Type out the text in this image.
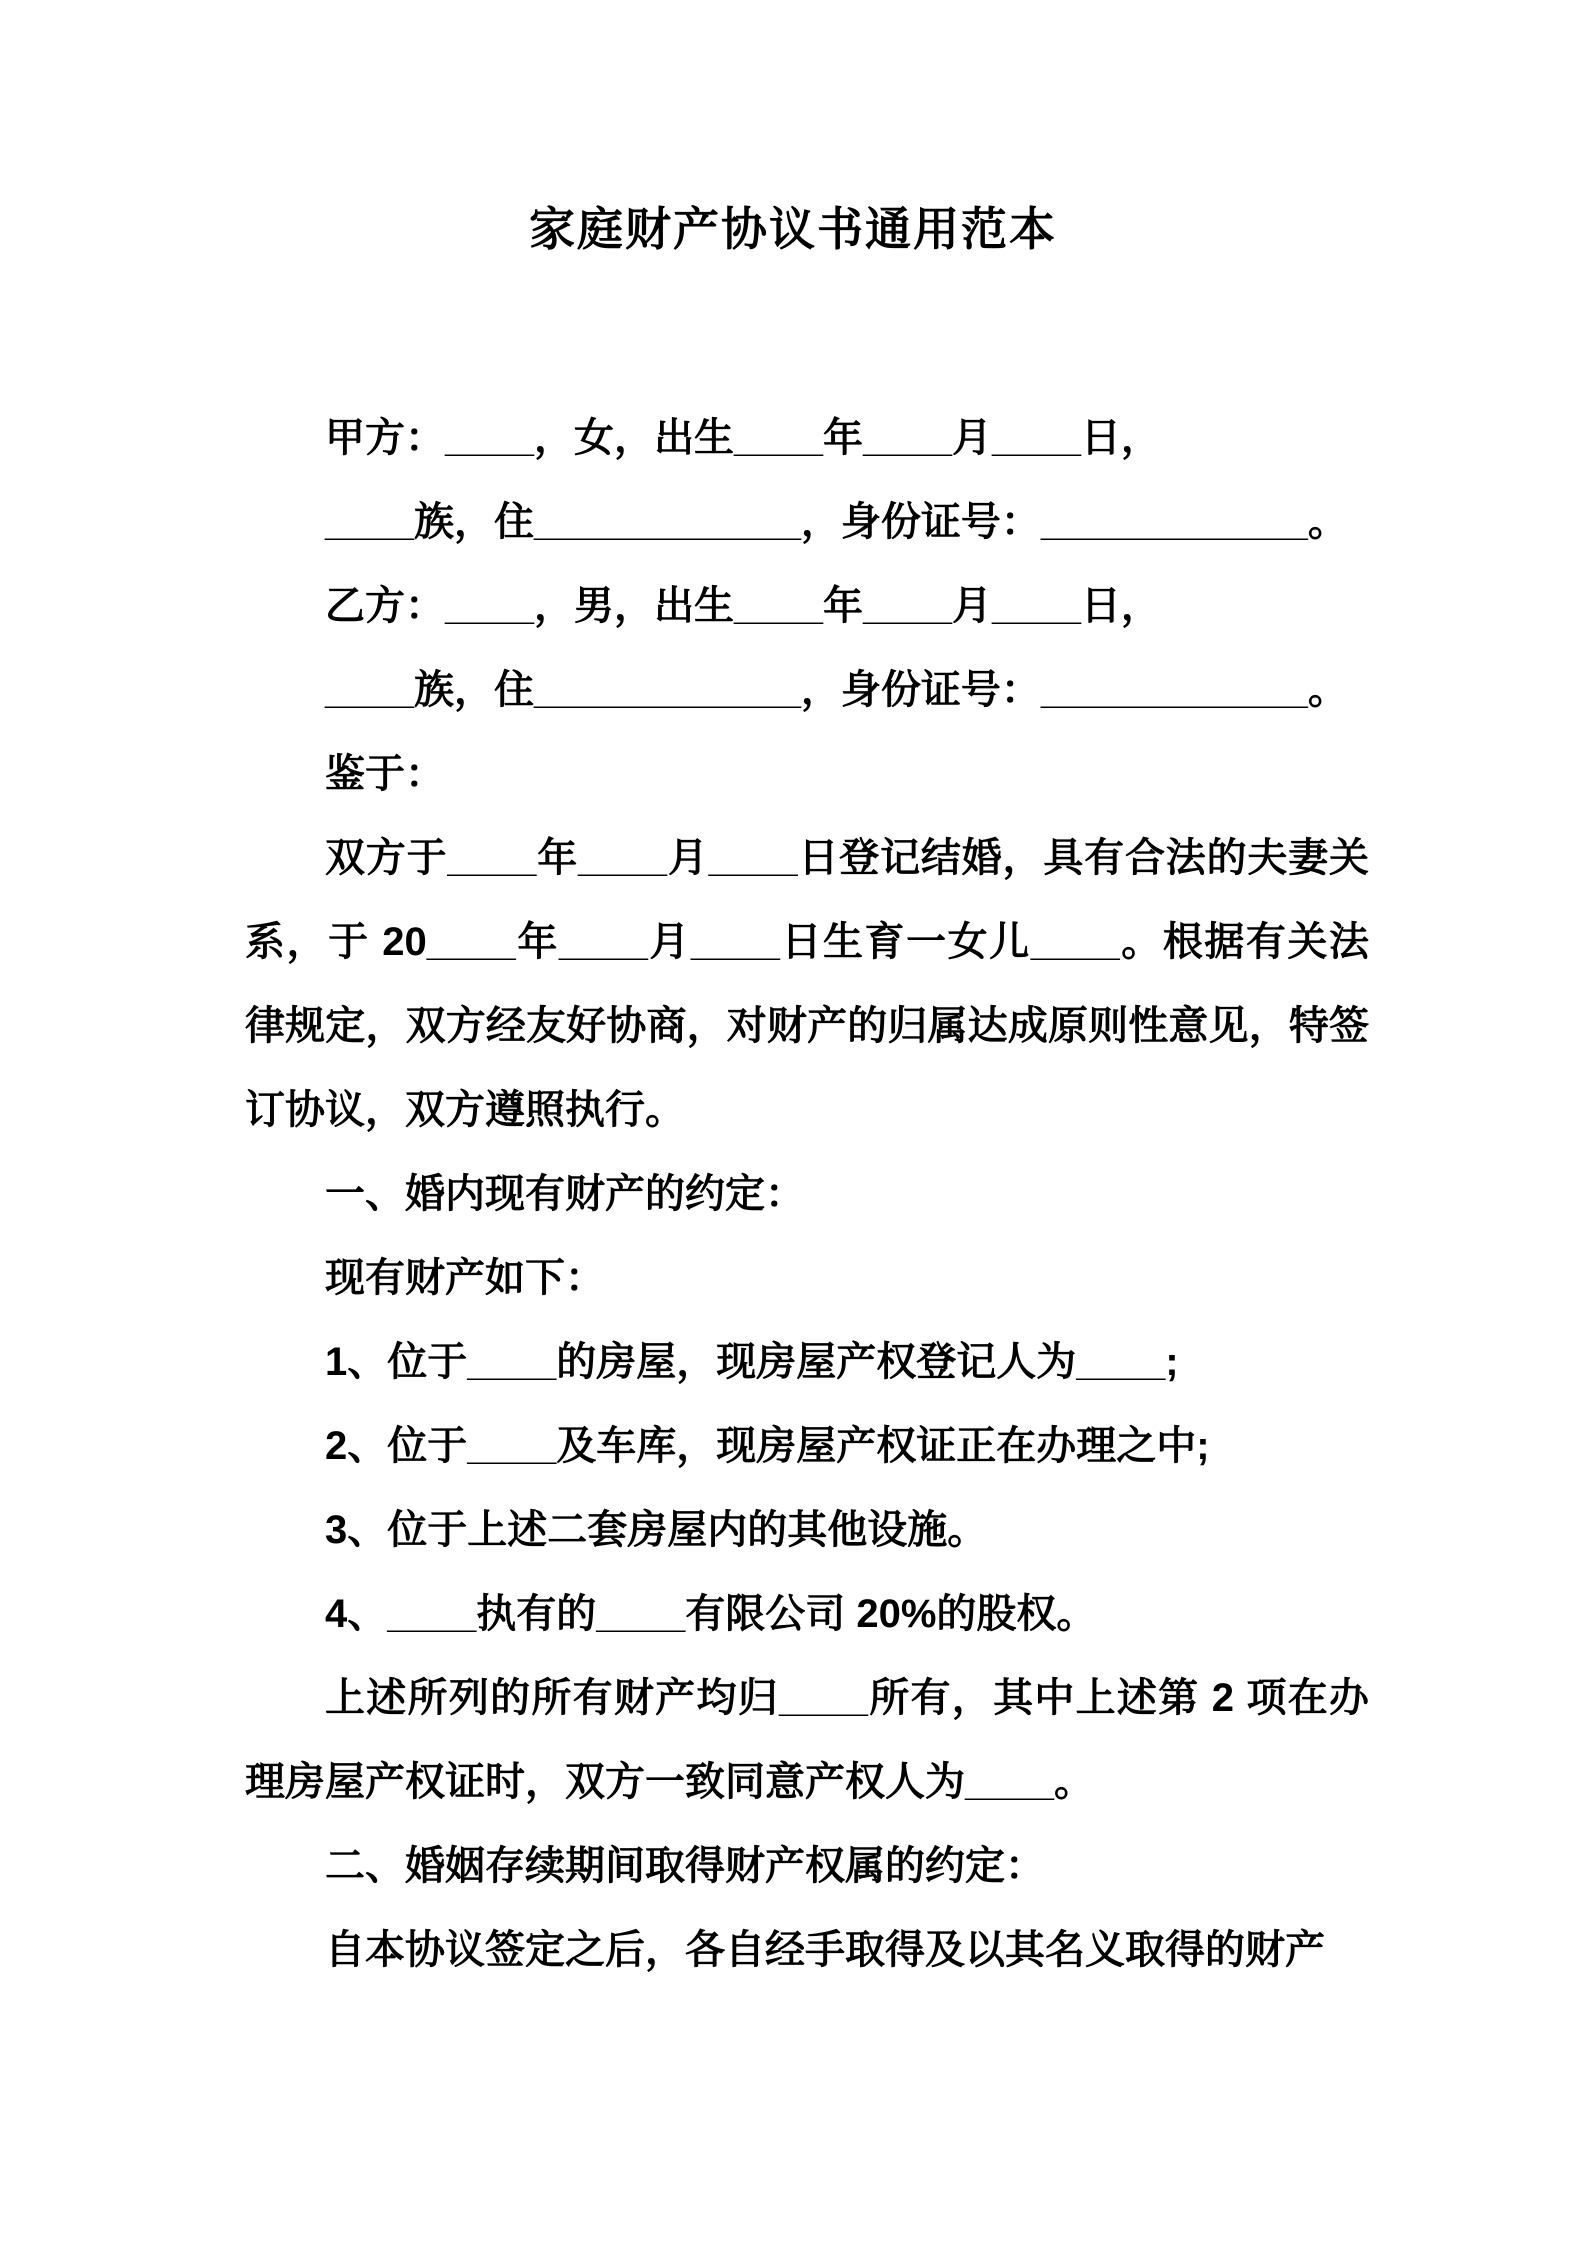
家庭财产协议书通用范本
甲方：____，女，出生____年____月____日，
____族，住____________，身份证号：____________。
乙方：____，男，出生____年____月____日，
____族，住____________，身份证号：____________。
鉴于：
双方于____年____月____日登记结婚，具有合法的夫妻关
系，于 20____年____月____日生育一女儿____。根据有关法
律规定，双方经友好协商，对财产的归属达成原则性意见，特签
订协议，双方遵照执行。
一、婚内现有财产的约定：
现有财产如下：
1、位于____的房屋，现房屋产权登记人为____;
2、位于____及车库，现房屋产权证正在办理之中;
3、位于上述二套房屋内的其他设施。
4、____执有的____有限公司 20%的股权。
上述所列的所有财产均归____所有，其中上述第 2 项在办
理房屋产权证时，双方一致同意产权人为____。
二、婚姻存续期间取得财产权属的约定：
自本协议签定之后，各自经手取得及以其名义取得的财产
